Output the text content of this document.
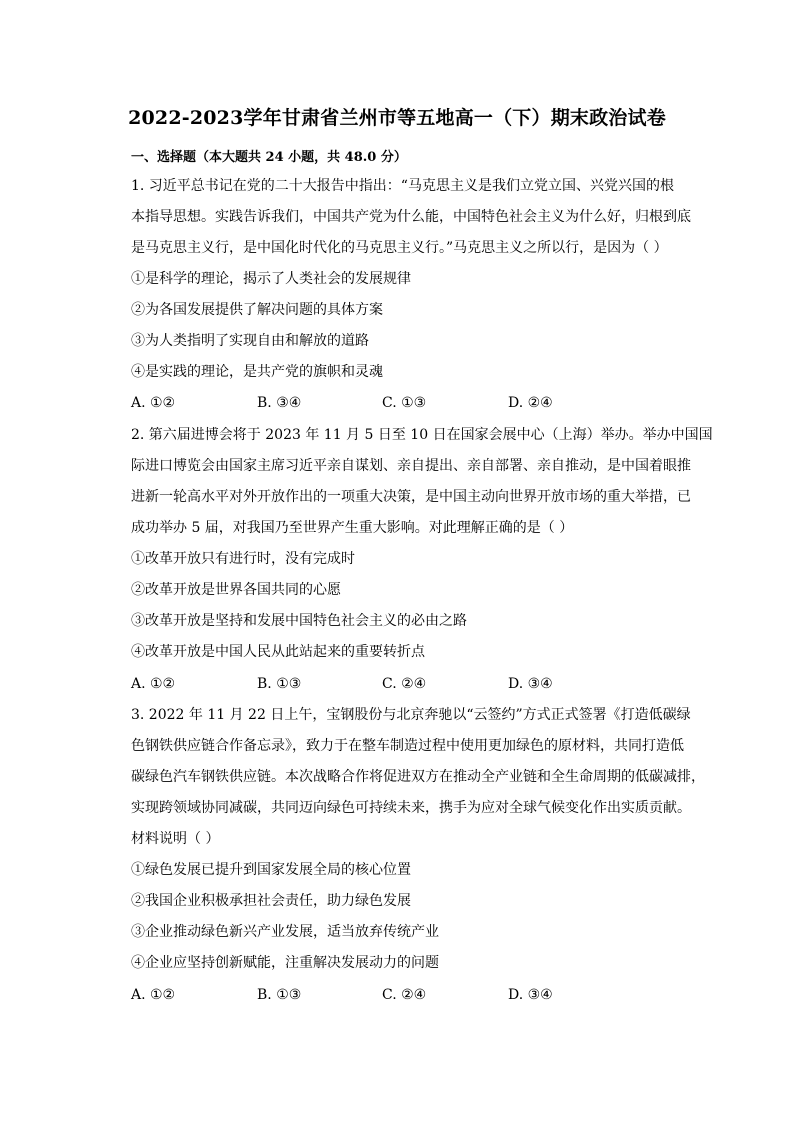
2022-2023学年甘肃省兰州市等五地高一（下）期末政治试卷
一、选择题（本大题共 24 小题，共 48.0 分）
1. 习近平总书记在党的二十大报告中指出：“马克思主义是我们立党立国、兴党兴国的根
本指导思想。实践告诉我们，中国共产党为什么能，中国特色社会主义为什么好，归根到底
是马克思主义行，是中国化时代化的马克思主义行。”马克思主义之所以行，是因为（ ）
①是科学的理论，揭示了人类社会的发展规律
②为各国发展提供了解决问题的具体方案
③为人类指明了实现自由和解放的道路
④是实践的理论，是共产党的旗帜和灵魂
A. ①②	B. ③④	C. ①③	D. ②④
2. 第六届进博会将于 2023 年 11 月 5 日至 10 日在国家会展中心（上海）举办。举办中国国
际进口博览会由国家主席习近平亲自谋划、亲自提出、亲自部署、亲自推动，是中国着眼推
进新一轮高水平对外开放作出的一项重大决策，是中国主动向世界开放市场的重大举措，已
成功举办 5 届，对我国乃至世界产生重大影响。对此理解正确的是（ ）
①改革开放只有进行时，没有完成时
②改革开放是世界各国共同的心愿
③改革开放是坚持和发展中国特色社会主义的必由之路
④改革开放是中国人民从此站起来的重要转折点
A. ①②	B. ①③	C. ②④	D. ③④
3. 2022 年 11 月 22 日上午，宝钢股份与北京奔驰以“云签约”方式正式签署《打造低碳绿
色钢铁供应链合作备忘录》，致力于在整车制造过程中使用更加绿色的原材料，共同打造低
碳绿色汽车钢铁供应链。本次战略合作将促进双方在推动全产业链和全生命周期的低碳减排，
实现跨领域协同减碳，共同迈向绿色可持续未来，携手为应对全球气候变化作出实质贡献。
材料说明（ ）
①绿色发展已提升到国家发展全局的核心位置
②我国企业积极承担社会责任，助力绿色发展
③企业推动绿色新兴产业发展，适当放弃传统产业
④企业应坚持创新赋能，注重解决发展动力的问题
A. ①②	B. ①③	C. ②④	D. ③④
